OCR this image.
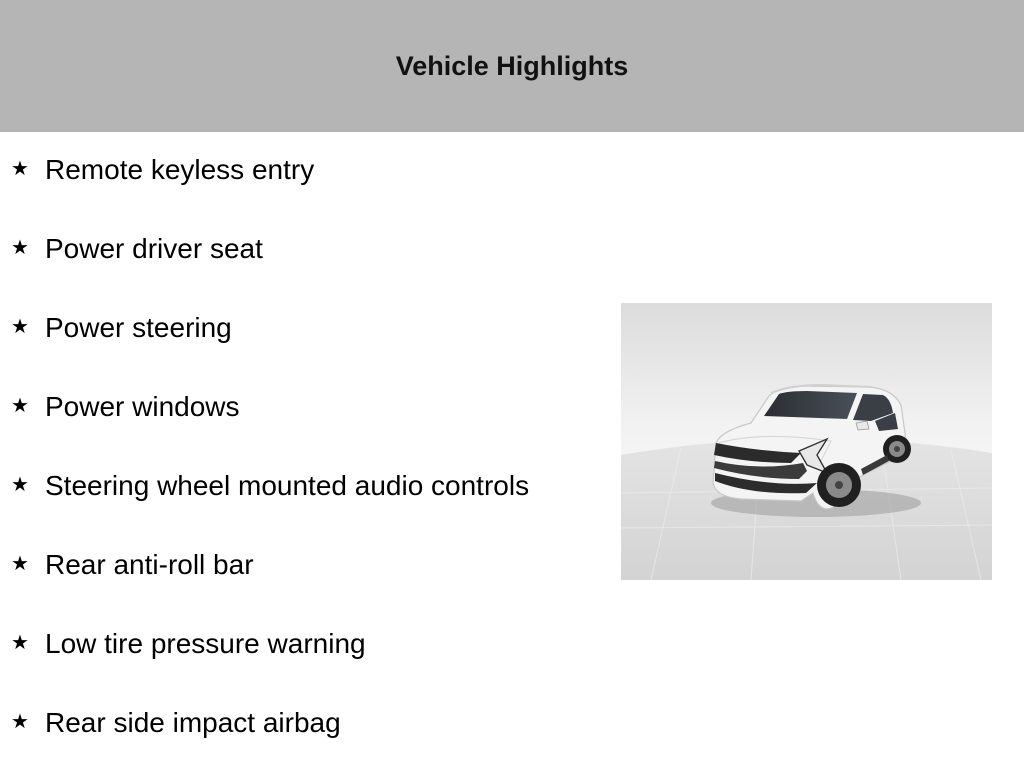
Vehicle Highlights
★ Remote keyless entry
★ Power driver seat
★ Power steering
★ Power windows
★ Steering wheel mounted audio controls
★ Rear anti-roll bar
★ Low tire pressure warning
★ Rear side impact airbag
